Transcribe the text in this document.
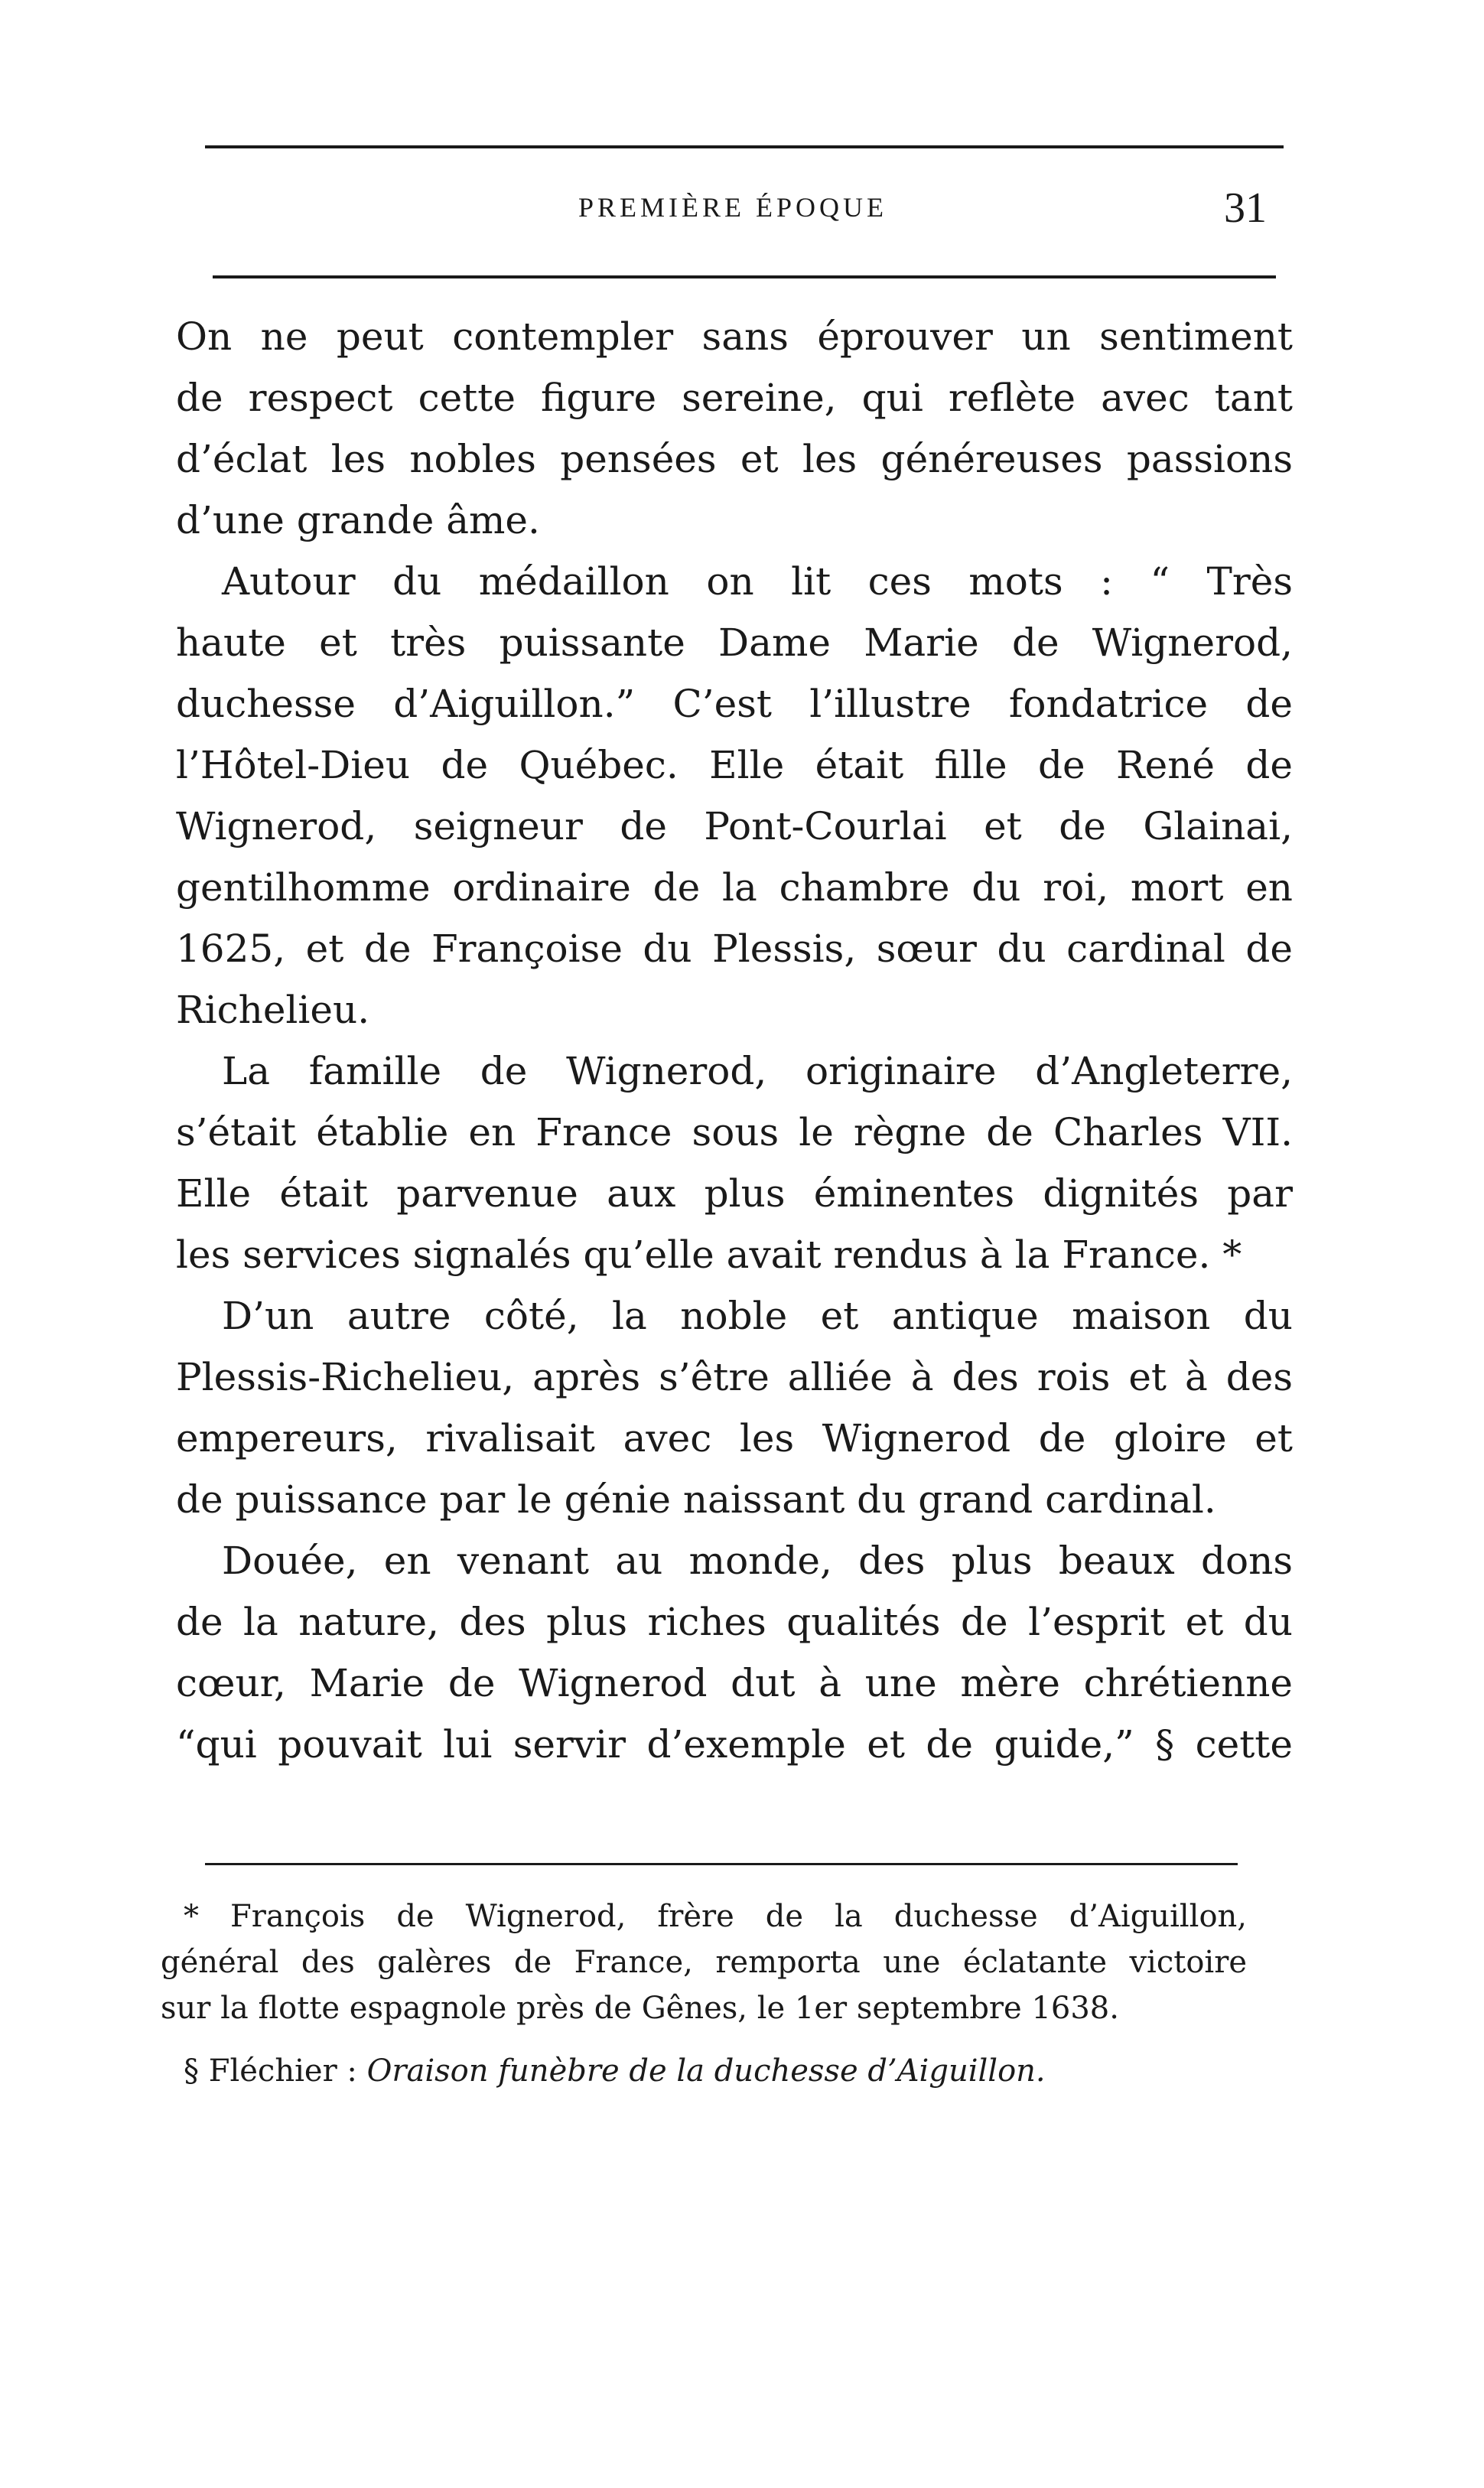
PREMIÈRE ÉPOQUE	31
On ne peut contempler sans éprouver un sentiment
de respect cette figure sereine, qui reflète avec tant
d’éclat les nobles pensées et les généreuses passions
d’une grande âme.
Autour du médaillon on lit ces mots : “ Très
haute et très puissante Dame Marie de Wignerod,
duchesse d’Aiguillon.” C’est l’illustre fondatrice de
l’Hôtel-Dieu de Québec. Elle était fille de René de
Wignerod, seigneur de Pont-Courlai et de Glainai,
gentilhomme ordinaire de la chambre du roi, mort en
1625, et de Françoise du Plessis, sœur du cardinal de
Richelieu.
La famille de Wignerod, originaire d’Angleterre,
s’était établie en France sous le règne de Charles VII.
Elle était parvenue aux plus éminentes dignités par
les services signalés qu’elle avait rendus à la France. *
D’un autre côté, la noble et antique maison du
Plessis-Richelieu, après s’être alliée à des rois et à des
empereurs, rivalisait avec les Wignerod de gloire et
de puissance par le génie naissant du grand cardinal.
Douée, en venant au monde, des plus beaux dons
de la nature, des plus riches qualités de l’esprit et du
cœur, Marie de Wignerod dut à une mère chrétienne
“qui pouvait lui servir d’exemple et de guide,” § cette
* François de Wignerod, frère de la duchesse d’Aiguillon,
général des galères de France, remporta une éclatante victoire
sur la flotte espagnole près de Gênes, le 1er septembre 1638.
§ Fléchier : Oraison funèbre de la duchesse d’Aiguillon.
